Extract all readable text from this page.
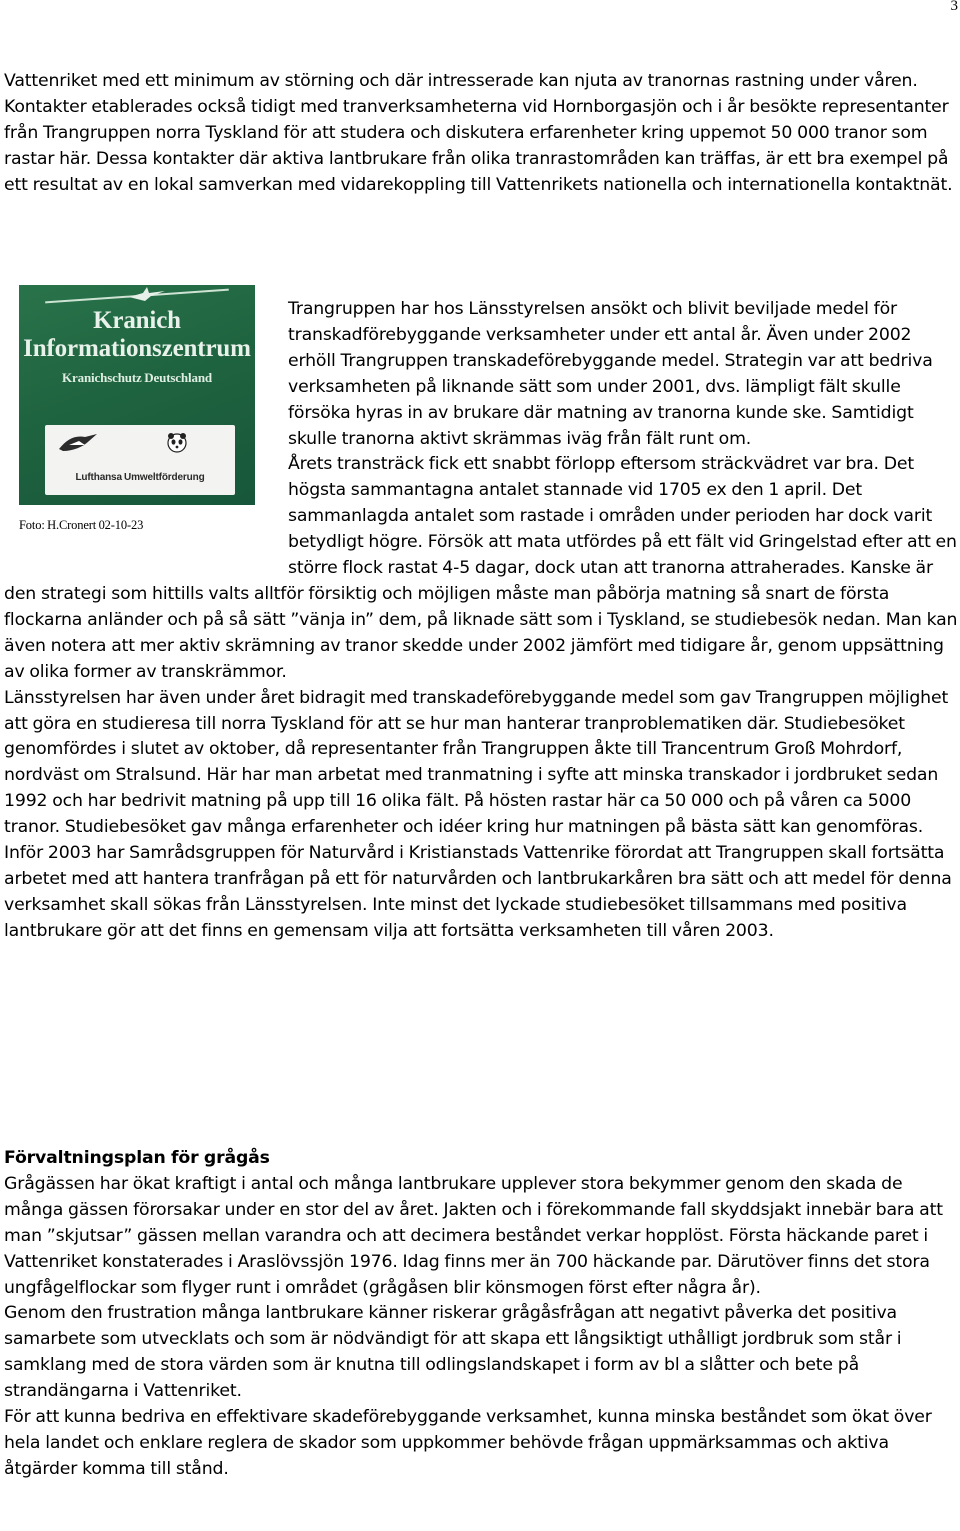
3

Vattenriket med ett minimum av störning och där intresserade kan njuta av tranornas rastning under våren.

Kontakter etablerades också tidigt med tranverksamheterna vid Hornborgasjön och i år besökte representanter från Trangruppen norra Tyskland för att studera och diskutera erfarenheter kring uppemot 50 000 tranor som rastar här. Dessa kontakter där aktiva lantbrukare från olika tranrastområden kan träffas, är ett bra exempel på ett resultat av en lokal samverkan med vidarekoppling till Vattenrikets nationella och internationella kontaktnät.

Kranich
Informationszentrum
Kranichschutz Deutschland
Lufthansa Umweltförderung
Foto: H.Cronert 02-10-23

Trangruppen har hos Länsstyrelsen ansökt och blivit beviljade medel för transkadförebyggande verksamheter under ett antal år. Även under 2002 erhöll Trangruppen transkadeförebyggande medel. Strategin var att bedriva verksamheten på liknande sätt som under 2001, dvs. lämpligt fält skulle försöka hyras in av brukare där matning av tranorna kunde ske. Samtidigt skulle tranorna aktivt skrämmas iväg från fält runt om.

Årets transträck fick ett snabbt förlopp eftersom sträckvädret var bra. Det högsta sammantagna antalet stannade vid 1705 ex den 1 april. Det sammanlagda antalet som rastade i områden under perioden har dock varit betydligt högre. Försök att mata utfördes på ett fält vid Gringelstad efter att en större flock rastat 4-5 dagar, dock utan att tranorna attraherades. Kanske är den strategi som hittills valts alltför försiktig och möjligen måste man påbörja matning så snart de första flockarna anländer och på så sätt ”vänja in” dem, på liknade sätt som i Tyskland, se studiebesök nedan. Man kan även notera att mer aktiv skrämning av tranor skedde under 2002 jämfört med tidigare år, genom uppsättning av olika former av transkrämmor.

Länsstyrelsen har även under året bidragit med transkadeförebyggande medel som gav Trangruppen möjlighet att göra en studieresa till norra Tyskland för att se hur man hanterar tranproblematiken där. Studiebesöket genomfördes i slutet av oktober, då representanter från Trangruppen åkte till Trancentrum Groß Mohrdorf, nordväst om Stralsund. Här har man arbetat med tranmatning i syfte att minska transkador i jordbruket sedan 1992 och har bedrivit matning på upp till 16 olika fält. På hösten rastar här ca 50 000 och på våren ca 5000 tranor. Studiebesöket gav många erfarenheter och idéer kring hur matningen på bästa sätt kan genomföras.

Inför 2003 har Samrådsgruppen för Naturvård i Kristianstads Vattenrike förordat att Trangruppen skall fortsätta arbetet med att hantera tranfrågan på ett för naturvården och lantbrukarkåren bra sätt och att medel för denna verksamhet skall sökas från Länsstyrelsen. Inte minst det lyckade studiebesöket tillsammans med positiva lantbrukare gör att det finns en gemensam vilja att fortsätta verksamheten till våren 2003.

Förvaltningsplan för grågås

Grågässen har ökat kraftigt i antal och många lantbrukare upplever stora bekymmer genom den skada de många gässen förorsakar under en stor del av året. Jakten och i förekommande fall skyddsjakt innebär bara att man ”skjutsar” gässen mellan varandra och att decimera beståndet verkar hopplöst. Första häckande paret i Vattenriket konstaterades i Araslövssjön 1976. Idag finns mer än 700 häckande par. Därutöver finns det stora ungfågelflockar som flyger runt i området (grågåsen blir könsmogen först efter några år).

Genom den frustration många lantbrukare känner riskerar grågåsfrågan att negativt påverka det positiva samarbete som utvecklats och som är nödvändigt för att skapa ett långsiktigt uthålligt jordbruk som står i samklang med de stora värden som är knutna till odlingslandskapet i form av bl a slåtter och bete på strandängarna i Vattenriket.

För att kunna bedriva en effektivare skadeförebyggande verksamhet, kunna minska beståndet som ökat över hela landet och enklare reglera de skador som uppkommer behövde frågan uppmärksammas och aktiva åtgärder komma till stånd.
